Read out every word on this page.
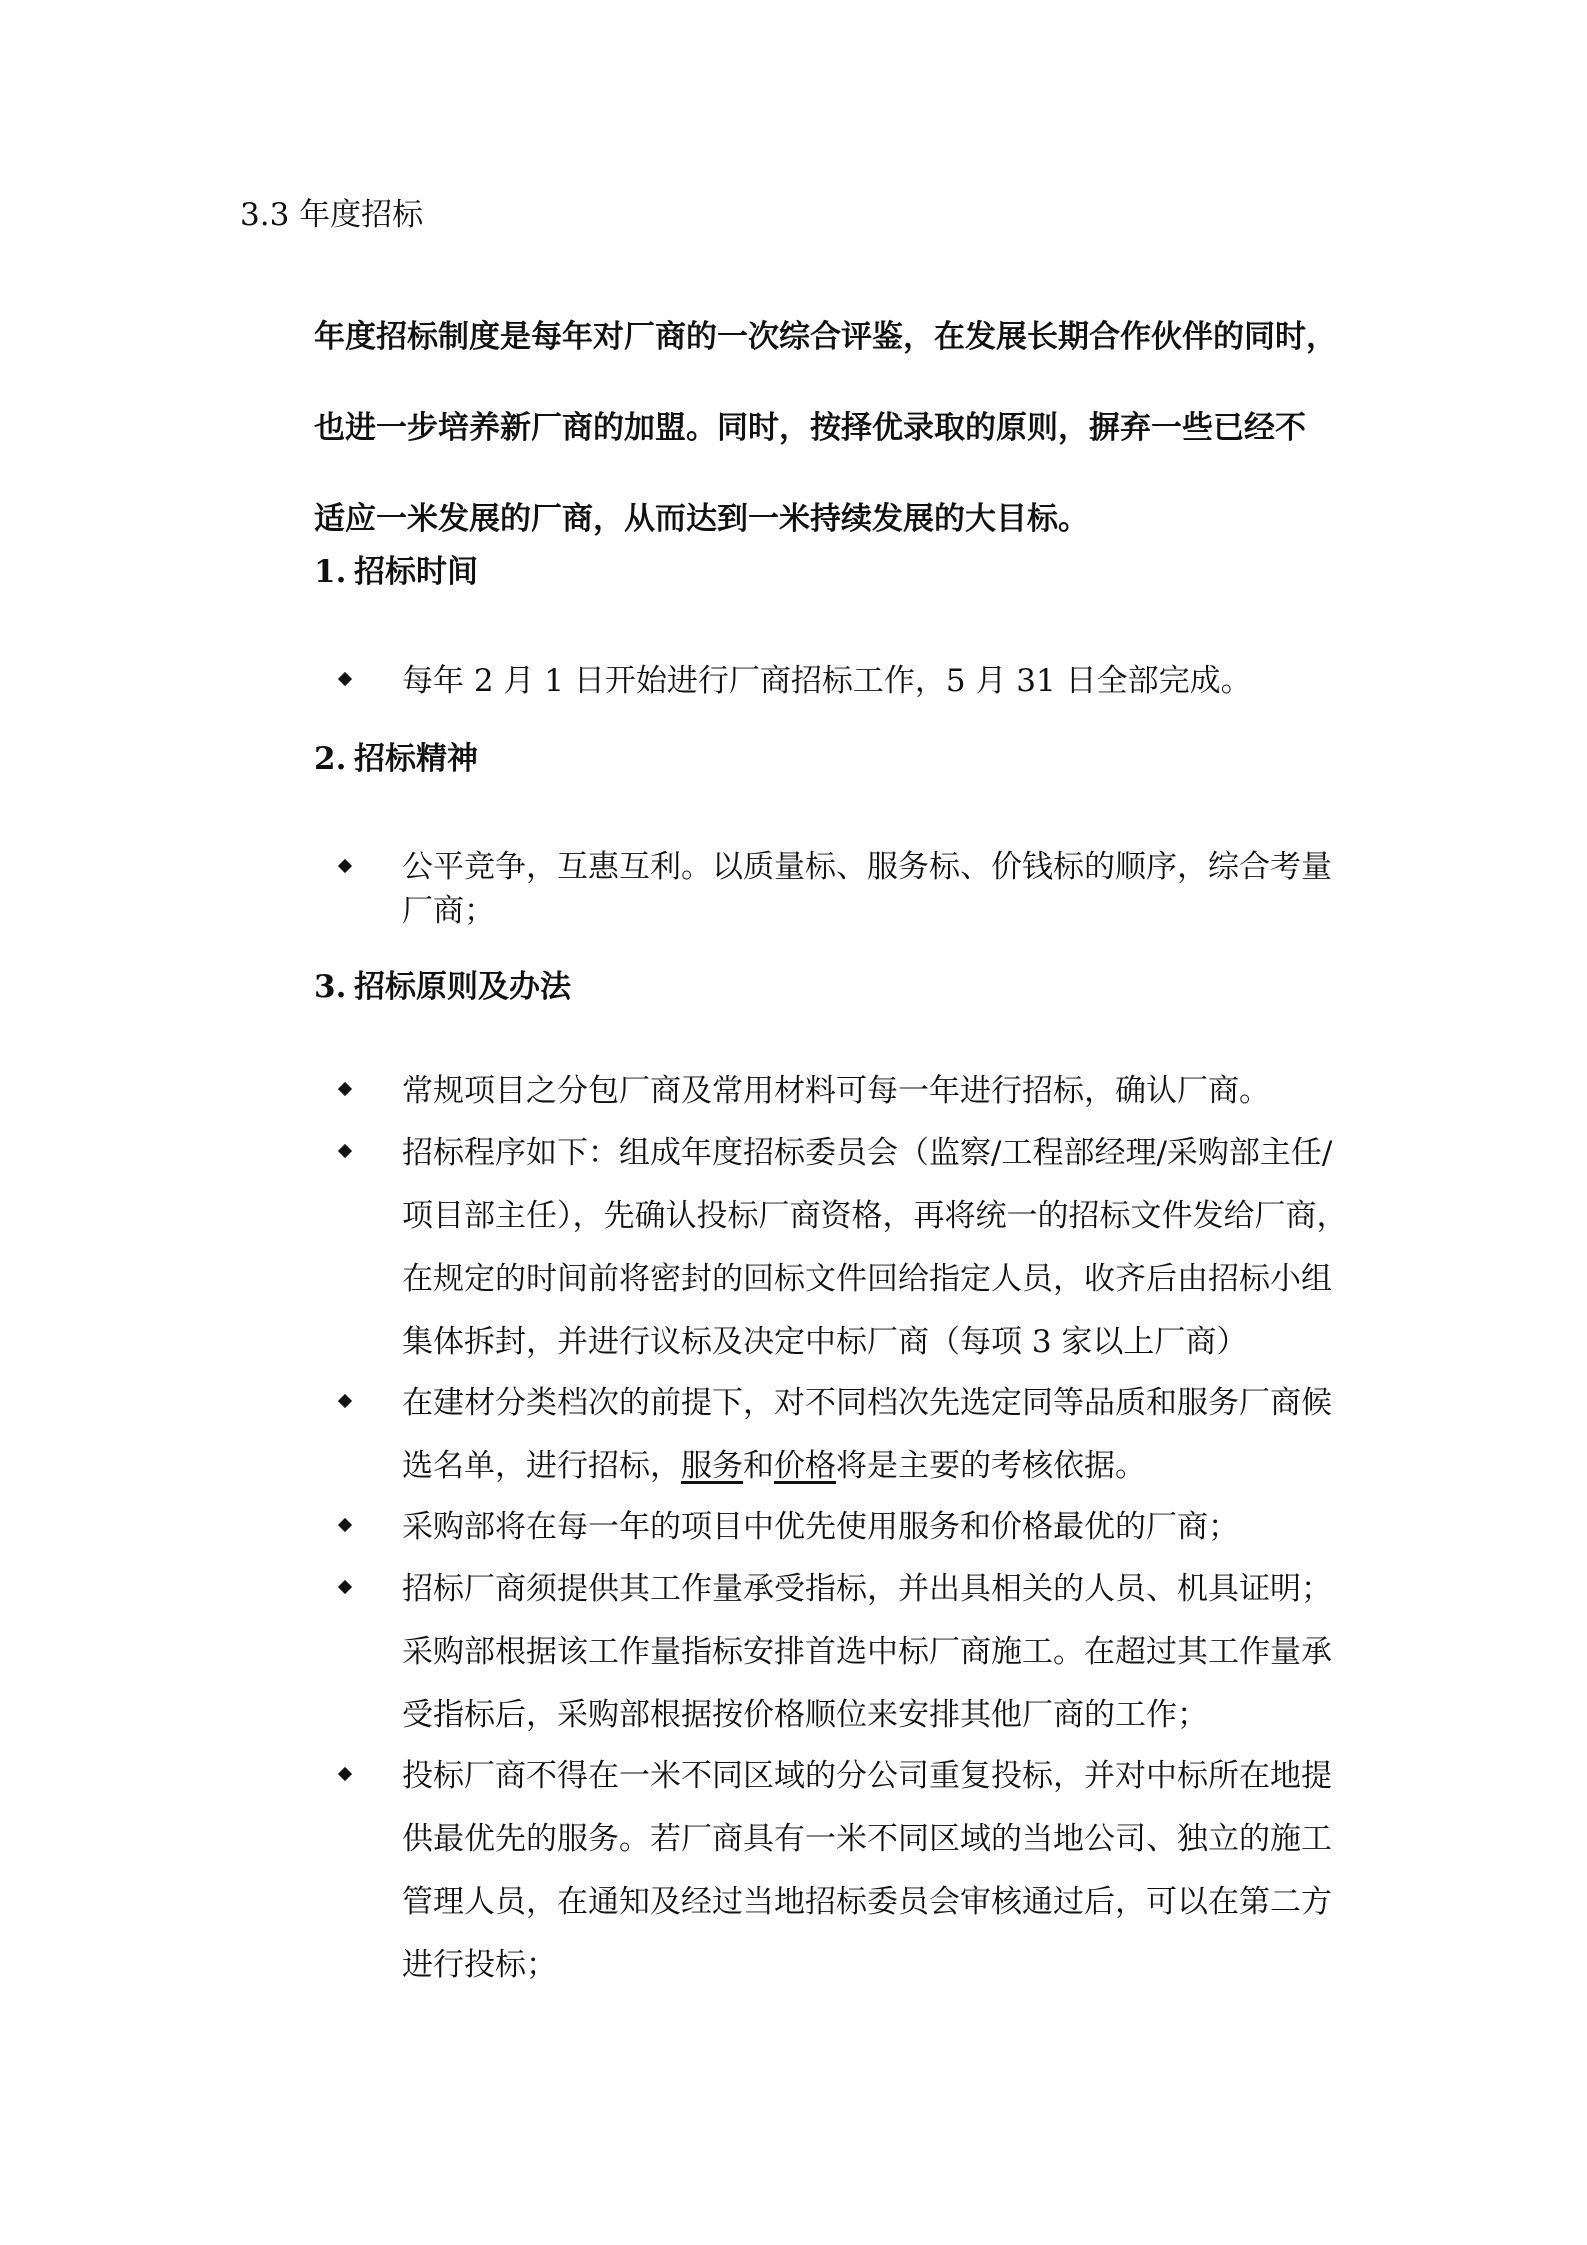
3.3 年度招标
年度招标制度是每年对厂商的一次综合评鉴，在发展长期合作伙伴的同时，
也进一步培养新厂商的加盟。同时，按择优录取的原则，摒弃一些已经不
适应一米发展的厂商，从而达到一米持续发展的大目标。
1. 招标时间
每年 2 月 1 日开始进行厂商招标工作，5 月 31 日全部完成。
2. 招标精神
公平竞争，互惠互利。以质量标、服务标、价钱标的顺序，综合考量
厂商；
3. 招标原则及办法
常规项目之分包厂商及常用材料可每一年进行招标，确认厂商。
招标程序如下：组成年度招标委员会（监察/工程部经理/采购部主任/
项目部主任），先确认投标厂商资格，再将统一的招标文件发给厂商，
在规定的时间前将密封的回标文件回给指定人员，收齐后由招标小组
集体拆封，并进行议标及决定中标厂商（每项 3 家以上厂商）
在建材分类档次的前提下，对不同档次先选定同等品质和服务厂商候
选名单，进行招标，服务和价格将是主要的考核依据。
采购部将在每一年的项目中优先使用服务和价格最优的厂商；
招标厂商须提供其工作量承受指标，并出具相关的人员、机具证明；
采购部根据该工作量指标安排首选中标厂商施工。在超过其工作量承
受指标后，采购部根据按价格顺位来安排其他厂商的工作；
投标厂商不得在一米不同区域的分公司重复投标，并对中标所在地提
供最优先的服务。若厂商具有一米不同区域的当地公司、独立的施工
管理人员，在通知及经过当地招标委员会审核通过后，可以在第二方
进行投标；
